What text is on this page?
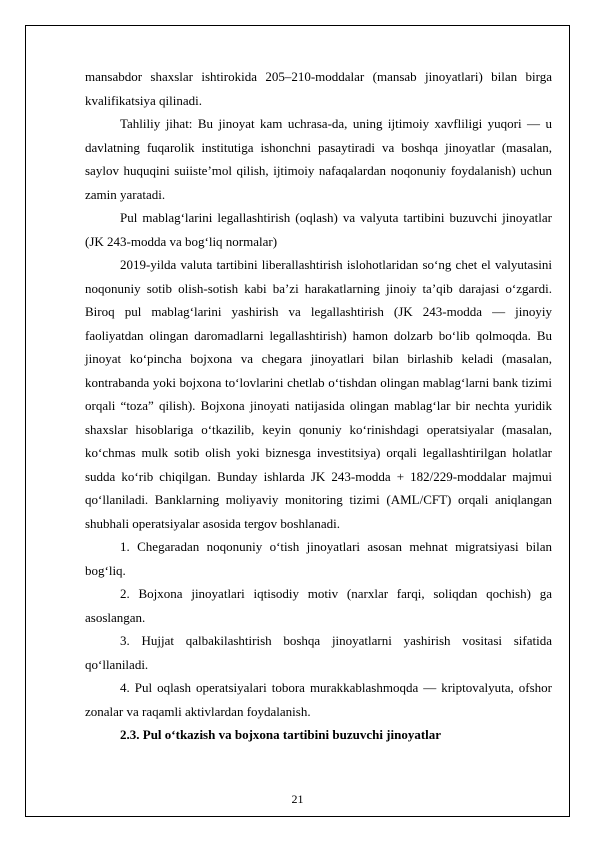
mansabdor shaxslar ishtirokida 205–210-moddalar (mansab jinoyatlari) bilan birga kvalifikatsiya qilinadi.

Tahliliy jihat: Bu jinoyat kam uchrasa-da, uning ijtimoiy xavfliligi yuqori — u davlatning fuqarolik institutiga ishonchni pasaytiradi va boshqa jinoyatlar (masalan, saylov huquqini suiiste’mol qilish, ijtimoiy nafaqalardan noqonuniy foydalanish) uchun zamin yaratadi.

Pul mablag‘larini legallashtirish (oqlash) va valyuta tartibini buzuvchi jinoyatlar (JK 243-modda va bog‘liq normalar)

2019-yilda valuta tartibini liberallashtirish islohotlaridan so‘ng chet el valyutasini noqonuniy sotib olish-sotish kabi ba’zi harakatlarning jinoiy ta’qib darajasi o‘zgardi. Biroq pul mablag‘larini yashirish va legallashtirish (JK 243-modda — jinoyiy faoliyatdan olingan daromadlarni legallashtirish) hamon dolzarb bo‘lib qolmoqda. Bu jinoyat ko‘pincha bojxona va chegara jinoyatlari bilan birlashib keladi (masalan, kontrabanda yoki bojxona to‘lovlarini chetlab o‘tishdan olingan mablag‘larni bank tizimi orqali “toza” qilish). Bojxona jinoyati natijasida olingan mablag‘lar bir nechta yuridik shaxslar hisoblariga o‘tkazilib, keyin qonuniy ko‘rinishdagi operatsiyalar (masalan, ko‘chmas mulk sotib olish yoki biznesga investitsiya) orqali legallashtirilgan holatlar sudda ko‘rib chiqilgan. Bunday ishlarda JK 243-modda + 182/229-moddalar majmui qo‘llaniladi. Banklarning moliyaviy monitoring tizimi (AML/CFT) orqali aniqlangan shubhali operatsiyalar asosida tergov boshlanadi.

1. Chegaradan noqonuniy o‘tish jinoyatlari asosan mehnat migratsiyasi bilan bog‘liq.

2. Bojxona jinoyatlari iqtisodiy motiv (narxlar farqi, soliqdan qochish) ga asoslangan.

3. Hujjat qalbakilashtirish boshqa jinoyatlarni yashirish vositasi sifatida qo‘llaniladi.

4. Pul oqlash operatsiyalari tobora murakkablashmoqda — kriptovalyuta, ofshor zonalar va raqamli aktivlardan foydalanish.

2.3. Pul o‘tkazish va bojxona tartibini buzuvchi jinoyatlar

21
